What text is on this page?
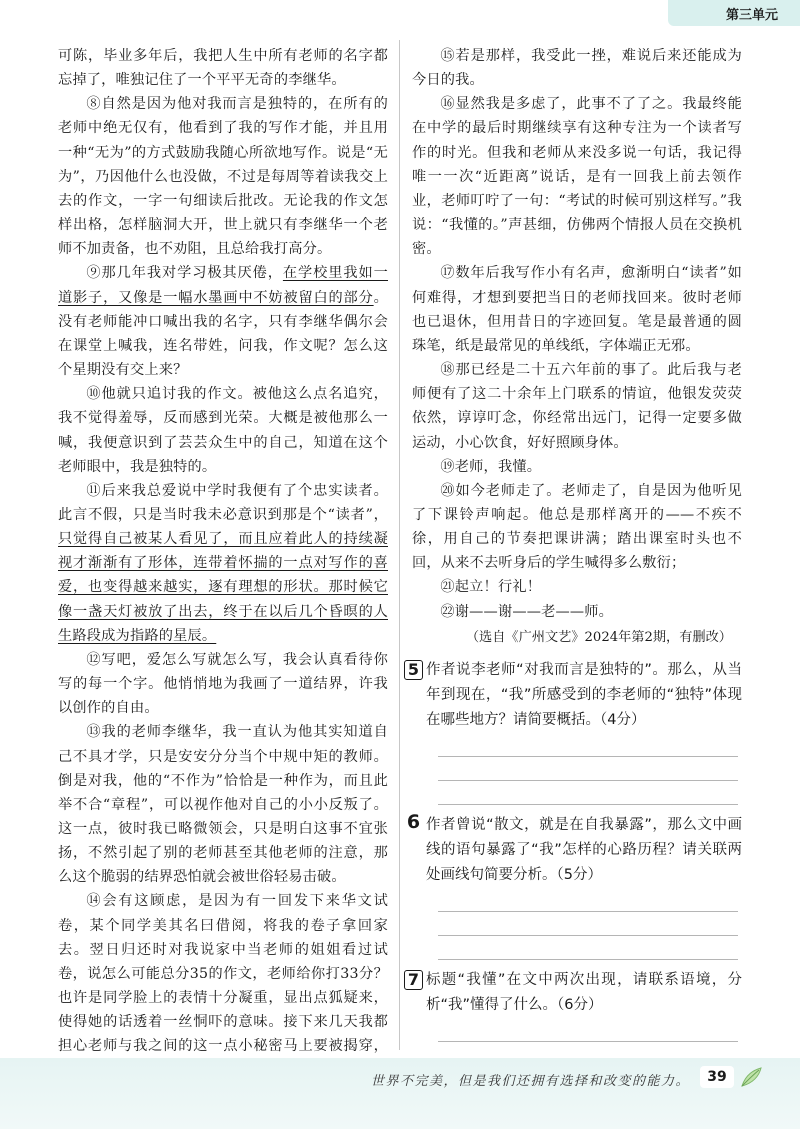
第三单元

可陈，毕业多年后，我把人生中所有老师的名字都忘掉了，唯独记住了一个平平无奇的李继华。

⑧自然是因为他对我而言是独特的，在所有的老师中绝无仅有，他看到了我的写作才能，并且用一种“无为”的方式鼓励我随心所欲地写作。说是“无为”，乃因他什么也没做，不过是每周等着读我交上去的作文，一字一句细读后批改。无论我的作文怎样出格，怎样脑洞大开，世上就只有李继华一个老师不加责备，也不劝阻，且总给我打高分。

⑨那几年我对学习极其厌倦，在学校里我如一道影子，又像是一幅水墨画中不妨被留白的部分。没有老师能冲口喊出我的名字，只有李继华偶尔会在课堂上喊我，连名带姓，问我，作文呢？怎么这个星期没有交上来？

⑩他就只追讨我的作文。被他这么点名追究，我不觉得羞辱，反而感到光荣。大概是被他那么一喊，我便意识到了芸芸众生中的自己，知道在这个老师眼中，我是独特的。

⑪后来我总爱说中学时我便有了个忠实读者。此言不假，只是当时我未必意识到那是个“读者”，只觉得自己被某人看见了，而且应着此人的持续凝视才渐渐有了形体，连带着怀揣的一点对写作的喜爱，也变得越来越实，逐有理想的形状。那时候它像一盏天灯被放了出去，终于在以后几个昏暝的人生路段成为指路的星辰。

⑫写吧，爱怎么写就怎么写，我会认真看待你写的每一个字。他悄悄地为我画了一道结界，许我以创作的自由。

⑬我的老师李继华，我一直认为他其实知道自己不具才学，只是安安分分当个中规中矩的教师。倒是对我，他的“不作为”恰恰是一种作为，而且此举不合“章程”，可以视作他对自己的小小反叛了。这一点，彼时我已略微领会，只是明白这事不宜张扬，不然引起了别的老师甚至其他老师的注意，那么这个脆弱的结界恐怕就会被世俗轻易击破。

⑭会有这顾虑，是因为有一回发下来华文试卷，某个同学美其名曰借阅，将我的卷子拿回家去。翌日归还时对我说家中当老师的姐姐看过试卷，说怎么可能总分35的作文，老师给你打33分？也许是同学脸上的表情十分凝重，显出点狐疑来，使得她的话透着一丝恫吓的意味。接下来几天我都担心老师与我之间的这一点小秘密马上要被揭穿，

⑮若是那样，我受此一挫，难说后来还能成为今日的我。

⑯显然我是多虑了，此事不了了之。我最终能在中学的最后时期继续享有这种专注为一个读者写作的时光。但我和老师从来没多说一句话，我记得唯一一次“近距离”说话，是有一回我上前去领作业，老师叮咛了一句：“考试的时候可别这样写。”我说：“我懂的。”声甚细，仿佛两个情报人员在交换机密。

⑰数年后我写作小有名声，愈渐明白“读者”如何难得，才想到要把当日的老师找回来。彼时老师也已退休，但用昔日的字迹回复。笔是最普通的圆珠笔，纸是最常见的单线纸，字体端正无邪。

⑱那已经是二十五六年前的事了。此后我与老师便有了这二十余年上门联系的情谊，他银发荧荧依然，谆谆叮念，你经常出远门，记得一定要多做运动，小心饮食，好好照顾身体。

⑲老师，我懂。

⑳如今老师走了。老师走了，自是因为他听见了下课铃声响起。他总是那样离开的——不疾不徐，用自己的节奏把课讲满；踏出课室时头也不回，从来不去听身后的学生喊得多么敷衍；

㉑起立！行礼！

㉒谢——谢——老——师。

（选自《广州文艺》2024年第2期，有删改）

5 作者说李老师“对我而言是独特的”。那么，从当年到现在，“我”所感受到的李老师的“独特”体现在哪些地方？请简要概括。（4分）

6 作者曾说“散文，就是在自我暴露”，那么文中画线的语句暴露了“我”怎样的心路历程？请关联两处画线句简要分析。（5分）

7 标题“我懂”在文中两次出现，请联系语境，分析“我”懂得了什么。（6分）

世界不完美，但是我们还拥有选择和改变的能力。	39
